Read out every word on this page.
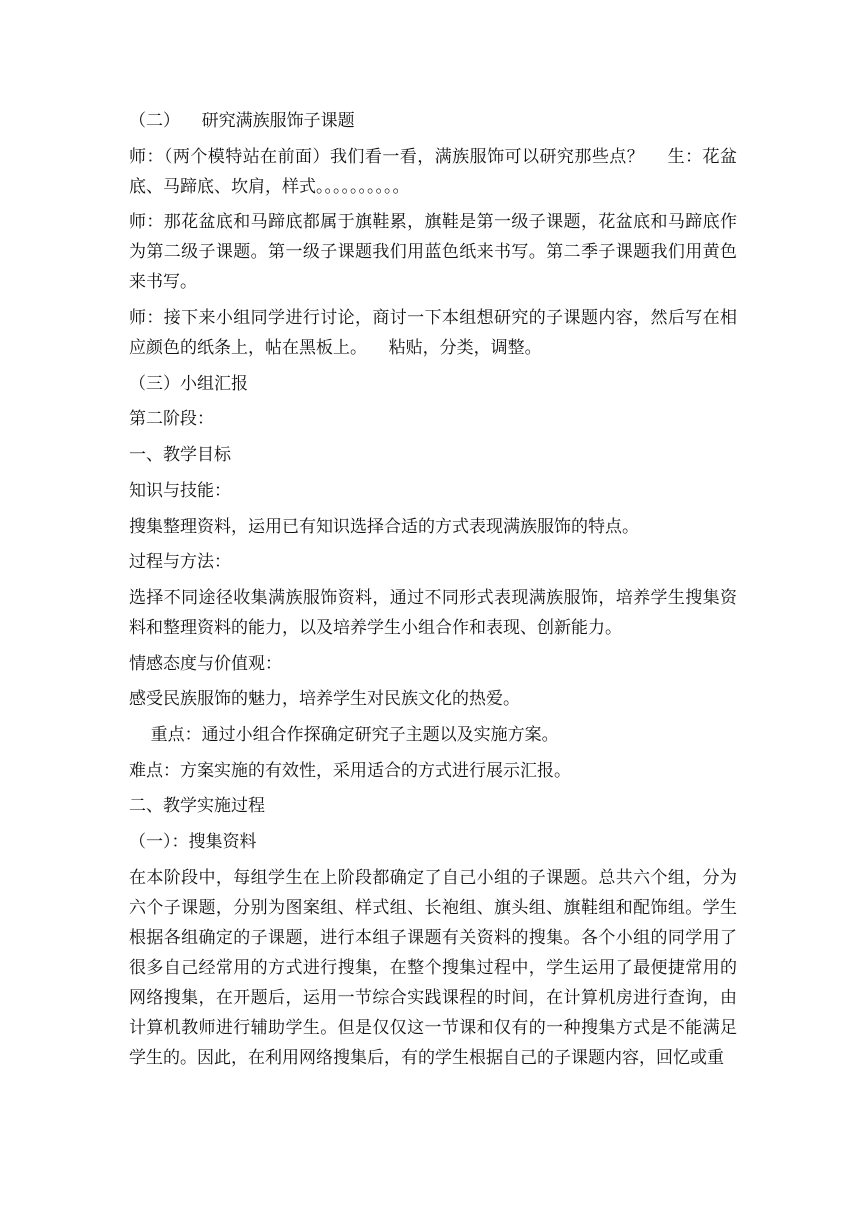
（二）    研究满族服饰子课题
师：（两个模特站在前面）我们看一看，满族服饰可以研究那些点？    生：花盆
底、马蹄底、坎肩，样式。。。。。。。。。。
师：那花盆底和马蹄底都属于旗鞋累，旗鞋是第一级子课题，花盆底和马蹄底作
为第二级子课题。第一级子课题我们用蓝色纸来书写。第二季子课题我们用黄色
来书写。
师：接下来小组同学进行讨论，商讨一下本组想研究的子课题内容，然后写在相
应颜色的纸条上，帖在黑板上。    粘贴，分类，调整。
（三）小组汇报
第二阶段：
一、教学目标
知识与技能：
搜集整理资料，运用已有知识选择合适的方式表现满族服饰的特点。
过程与方法：
选择不同途径收集满族服饰资料，通过不同形式表现满族服饰，培养学生搜集资
料和整理资料的能力，以及培养学生小组合作和表现、创新能力。
情感态度与价值观：
感受民族服饰的魅力，培养学生对民族文化的热爱。
重点：通过小组合作探确定研究子主题以及实施方案。
难点：方案实施的有效性，采用适合的方式进行展示汇报。
二、教学实施过程
（一）：搜集资料
在本阶段中，每组学生在上阶段都确定了自己小组的子课题。总共六个组，分为
六个子课题，分别为图案组、样式组、长袍组、旗头组、旗鞋组和配饰组。学生
根据各组确定的子课题，进行本组子课题有关资料的搜集。各个小组的同学用了
很多自己经常用的方式进行搜集，在整个搜集过程中，学生运用了最便捷常用的
网络搜集，在开题后，运用一节综合实践课程的时间，在计算机房进行查询，由
计算机教师进行辅助学生。但是仅仅这一节课和仅有的一种搜集方式是不能满足
学生的。因此，在利用网络搜集后，有的学生根据自己的子课题内容，回忆或重
